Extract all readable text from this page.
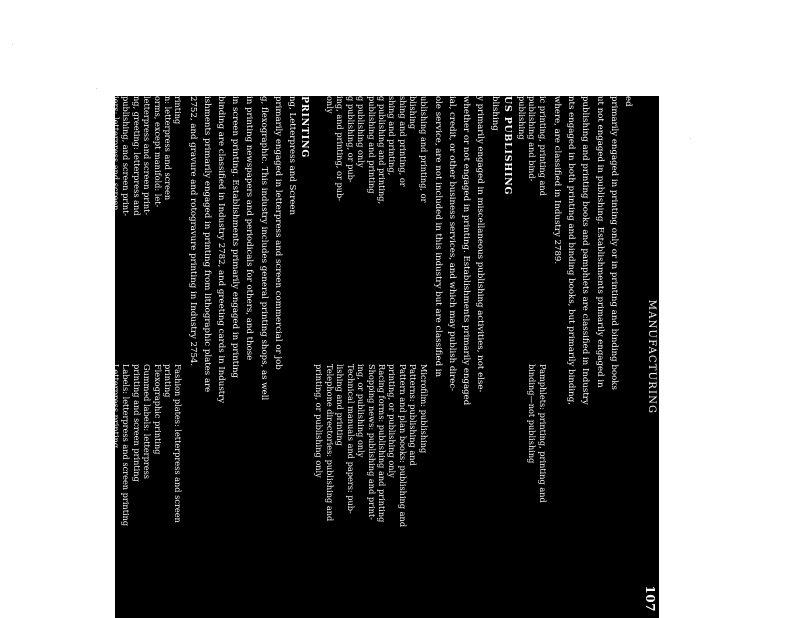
MANUFACTURING
107
ed
primarily engaged in printing only or in printing and binding books
ut not engaged in publishing. Establishments primarily engaged in
publishing and printing books and pamphlets are classified in Industry
nts engaged in both printing and binding books, but primarily binding,
where, are classified in Industry 2789.
ic printing, printing and
publishing and bind-
publishing
Pamphlets: printing, printing and
binding—not publishing
US PUBLISHING
blishing
y primarily engaged in miscellaneous publishing activities, not else-
whether or not engaged in printing. Establishments primarily engaged
ial, credit, or other business services, and which may publish direc-
ole service, are not included in this industry but are classified in
ublishing and printing, or
blishing
shing and printing, or
shing and printing,
g publishing and printing,
publishing and printing
g publishing only
g publishing, or pub-
ing, and printing, or pub-
only
Microfilm: publishing
Patterns: publishing and
Pattern and plan books: publishing and
printing, or publishing only
Racing forms: publishing and printing
Shopping news: publishing and print-
ing, or publishing only
Technical manuals and papers: pub-
lishing and printing
Telephone directories: publishing and
printing, or publishing only
PRINTING
ng, Letterpress and Screen
primarily engaged in letterpress and screen commercial or job
g, flexographic. This industry includes general printing shops, as well
in printing newspapers and periodicals for others, and those
in screen printing. Establishments primarily engaged in printing
binding are classified in Industry 2782, and greeting cards in Industry
ishments primarily engaged in printing from lithographic plates are
2752, and gravure and rotogravure printing in Industry 2754.
rinting
n: letterpress and screen
orms, except manifold: let-
letterpress and screen print-
ng, greeting: letterpress and
publishing, and screen print-
iers: letterpress and screen
letterpress and screen print
ers, screen printing
letterpress and screen
tterpress and screen
Fashion plates: letterpress and screen
printing
Flexographic printing
Gummed labels: letterpress
printing and screen printing
Labels: letterpress and screen printing
Letterpress printing
Maps: letterpress and screen
Menus: letterpress printing
Music, sheet: letterpress and screen
Newspapers: printing (not publishing)
Periodicals: letterpress printing (not
publishing)
